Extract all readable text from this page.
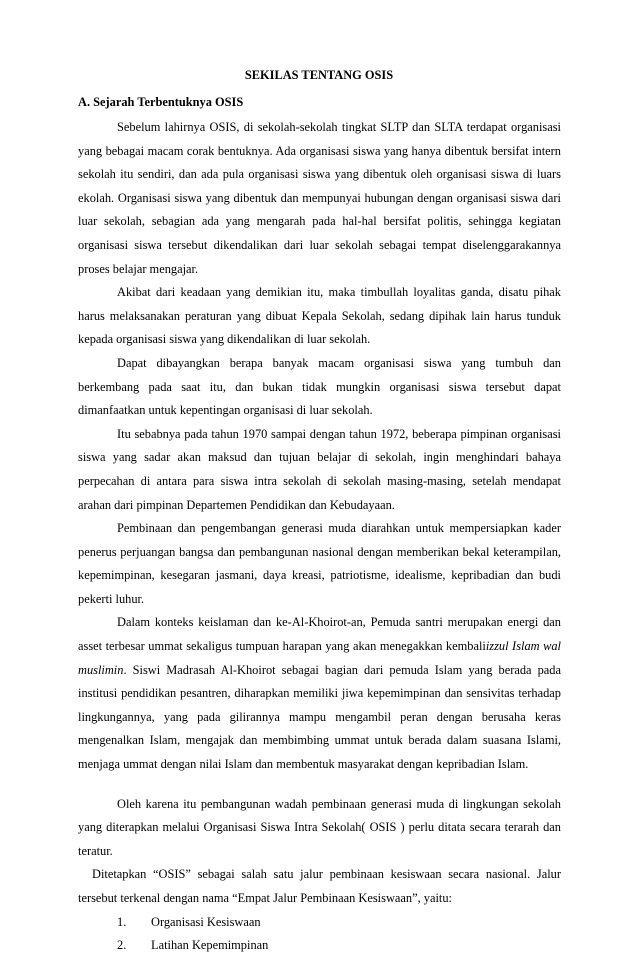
SEKILAS TENTANG OSIS
A. Sejarah Terbentuknya OSIS

Sebelum lahirnya OSIS, di sekolah-sekolah tingkat SLTP dan SLTA terdapat organisasi yang bebagai macam corak bentuknya. Ada organisasi siswa yang hanya dibentuk bersifat intern sekolah itu sendiri, dan ada pula organisasi siswa yang dibentuk oleh organisasi siswa di luars ekolah. Organisasi siswa yang dibentuk dan mempunyai hubungan dengan organisasi siswa dari luar sekolah, sebagian ada yang mengarah pada hal-hal bersifat politis, sehingga kegiatan organisasi siswa tersebut dikendalikan dari luar sekolah sebagai tempat diselenggarakannya proses belajar mengajar.

Akibat dari keadaan yang demikian itu, maka timbullah loyalitas ganda, disatu pihak harus melaksanakan peraturan yang dibuat Kepala Sekolah, sedang dipihak lain harus tunduk kepada organisasi siswa yang dikendalikan di luar sekolah.

Dapat dibayangkan berapa banyak macam organisasi siswa yang tumbuh dan berkembang pada saat itu, dan bukan tidak mungkin organisasi siswa tersebut dapat dimanfaatkan untuk kepentingan organisasi di luar sekolah.

Itu sebabnya pada tahun 1970 sampai dengan tahun 1972, beberapa pimpinan organisasi siswa yang sadar akan maksud dan tujuan belajar di sekolah, ingin menghindari bahaya perpecahan di antara para siswa intra sekolah di sekolah masing-masing, setelah mendapat arahan dari pimpinan Departemen Pendidikan dan Kebudayaan.

Pembinaan dan pengembangan generasi muda diarahkan untuk mempersiapkan kader penerus perjuangan bangsa dan pembangunan nasional dengan memberikan bekal keterampilan, kepemimpinan, kesegaran jasmani, daya kreasi, patriotisme, idealisme, kepribadian dan budi pekerti luhur.

Dalam konteks keislaman dan ke-Al-Khoirot-an, Pemuda santri merupakan energi dan asset terbesar ummat sekaligus tumpuan harapan yang akan menegakkan kembaliizzul Islam wal muslimin. Siswi Madrasah Al-Khoirot sebagai bagian dari pemuda Islam yang berada pada institusi pendidikan pesantren, diharapkan memiliki jiwa kepemimpinan dan sensivitas terhadap lingkungannya, yang pada gilirannya mampu mengambil peran dengan berusaha keras mengenalkan Islam, mengajak dan membimbing ummat untuk berada dalam suasana Islami, menjaga ummat dengan nilai Islam dan membentuk masyarakat dengan kepribadian Islam.

Oleh karena itu pembangunan wadah pembinaan generasi muda di lingkungan sekolah yang diterapkan melalui Organisasi Siswa Intra Sekolah( OSIS ) perlu ditata secara terarah dan teratur.

Ditetapkan “OSIS” sebagai salah satu jalur pembinaan kesiswaan secara nasional. Jalur tersebut terkenal dengan nama “Empat Jalur Pembinaan Kesiswaan”, yaitu:

1.	Organisasi Kesiswaan
2.	Latihan Kepemimpinan
